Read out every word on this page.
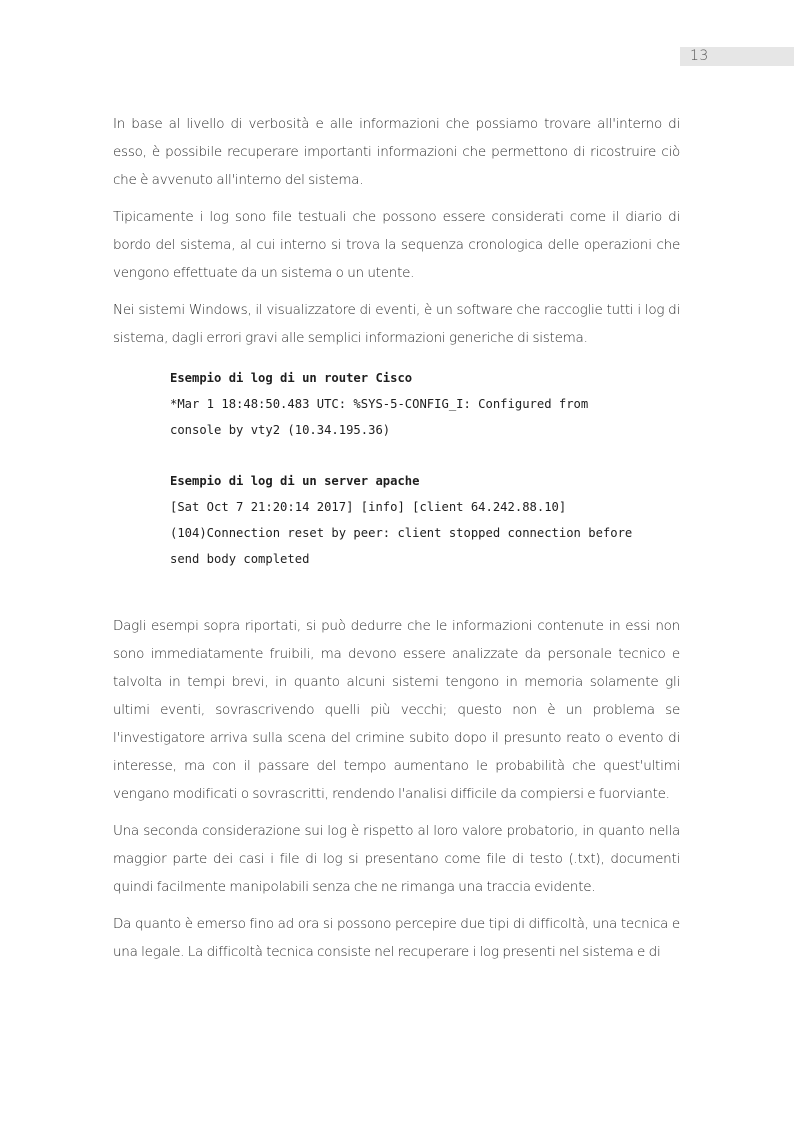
13

In base al livello di verbosità e alle informazioni che possiamo trovare all'interno di esso, è possibile recuperare importanti informazioni che permettono di ricostruire ciò che è avvenuto all'interno del sistema.

Tipicamente i log sono file testuali che possono essere considerati come il diario di bordo del sistema, al cui interno si trova la sequenza cronologica delle operazioni che vengono effettuate da un sistema o un utente.

Nei sistemi Windows, il visualizzatore di eventi, è un software che raccoglie tutti i log di sistema, dagli errori gravi alle semplici informazioni generiche di sistema.

Esempio di log di un router Cisco
*Mar 1 18:48:50.483 UTC: %SYS-5-CONFIG_I: Configured from
console by vty2 (10.34.195.36)
Esempio di log di un server apache
[Sat Oct 7 21:20:14 2017] [info] [client 64.242.88.10]
(104)Connection reset by peer: client stopped connection before
send body completed

Dagli esempi sopra riportati, si può dedurre che le informazioni contenute in essi non sono immediatamente fruibili, ma devono essere analizzate da personale tecnico e talvolta in tempi brevi, in quanto alcuni sistemi tengono in memoria solamente gli ultimi eventi, sovrascrivendo quelli più vecchi; questo non è un problema se l'investigatore arriva sulla scena del crimine subito dopo il presunto reato o evento di interesse, ma con il passare del tempo aumentano le probabilità che quest'ultimi vengano modificati o sovrascritti, rendendo l'analisi difficile da compiersi e fuorviante.

Una seconda considerazione sui log è rispetto al loro valore probatorio, in quanto nella maggior parte dei casi i file di log si presentano come file di testo (.txt), documenti quindi facilmente manipolabili senza che ne rimanga una traccia evidente.

Da quanto è emerso fino ad ora si possono percepire due tipi di difficoltà, una tecnica e una legale. La difficoltà tecnica consiste nel recuperare i log presenti nel sistema e di
